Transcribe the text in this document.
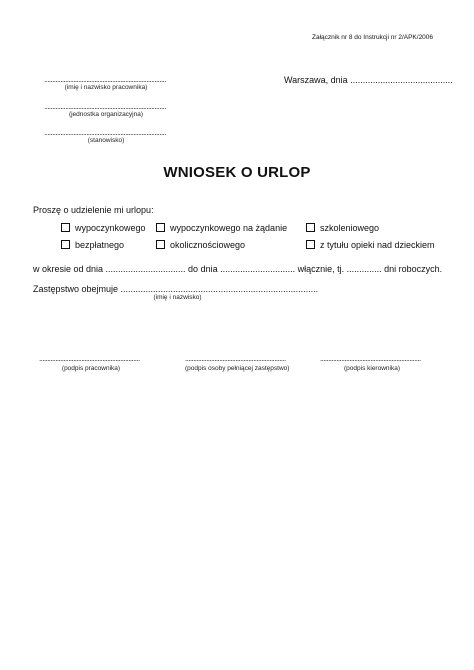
Załącznik nr 8 do Instrukcji nr 2/APK/2006
...........................................................................
(imię i nazwisko pracownika)
...........................................................................
(jednostka organizacyjna)
...........................................................................
(stanowisko)
Warszawa, dnia .........................................
WNIOSEK O URLOP
Proszę o udzielenie mi urlopu:
wypoczynkowego	wypoczynkowego na żądanie	szkoleniowego
bezpłatnego	okolicznościowego	z tytułu opieki nad dzieckiem
w okresie od dnia ................................ do dnia .............................. włącznie, tj. .............. dni roboczych.
Zastępstwo obejmuje ...............................................................................
(imię i nazwisko)
..............................................................
(podpis pracownika)
..............................................................
(podpis osoby pełniącej zastępstwo)
..............................................................
(podpis kierownika)
